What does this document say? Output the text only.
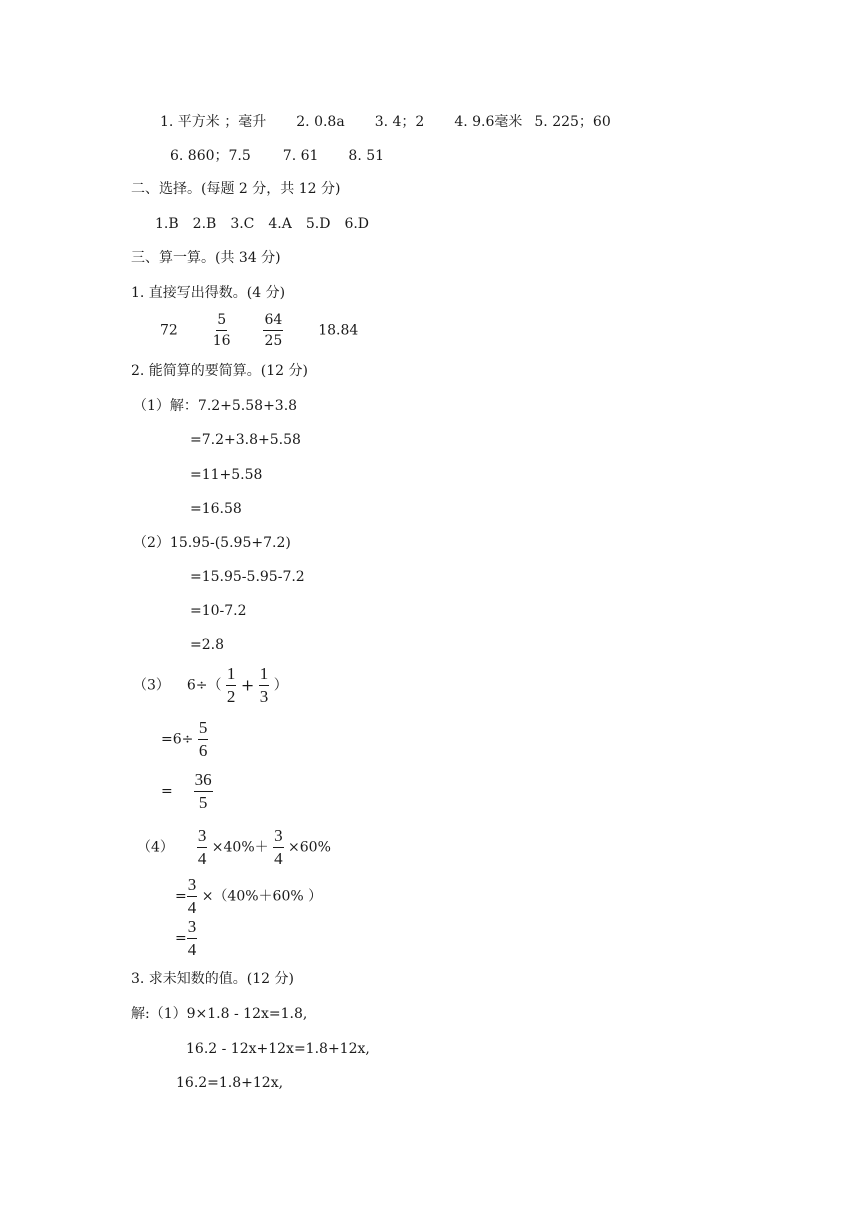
1. 平方米 ；毫升 2. 0.8a 3. 4；2 4. 9.6毫米 5. 225；60
6. 860；7.5 7. 61 8. 51
二、选择。(每题 2 分，共 12 分)
1.B 2.B 3.C 4.A 5.D 6.D
三、算一算。(共 34 分)
1. 直接写出得数。(4 分)
$72 \frac{5}{16}$
$\frac{64}{25} 18.84$
2. 能简算的要简算。(12 分)
（1）解：7.2+5.58+3.8
=7.2+3.8+5.58
=11+5.58
=16.58
（2）15.95-(5.95+7.2)
=15.95-5.95-7.2
=10-7.2
=2.8
（3） $6\div( \frac{1}{2} + \frac{1}{3}$ ）
$=6\div \frac{5}{6}$
= $\frac{36}{5}$
$(4) \frac{3}{4} \times 40\%+ \frac{3}{4} \times 60\%$
= $\frac{3}{4} \times(40\%+60\%$ ）
= $\frac{3}{4}$
3. 求未知数的值。(12 分)
解:（1）9×1.8 - 12x=1.8,
16.2 - 12x+12x=1.8+12x,
16.2=1.8+12x,
